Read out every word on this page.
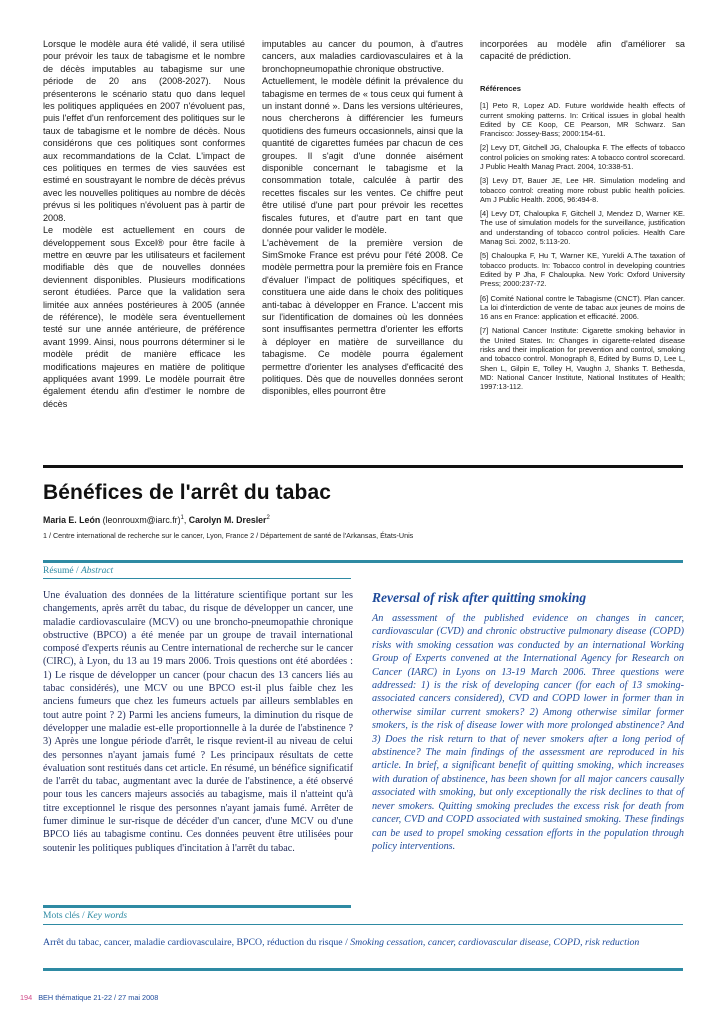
Lorsque le modèle aura été validé, il sera utilisé pour prévoir les taux de tabagisme et le nombre de décès imputables au tabagisme sur une période de 20 ans (2008-2027). Nous présenterons le scénario statu quo dans lequel les politiques appliquées en 2007 n'évoluent pas, puis l'effet d'un renforcement des politiques sur le taux de tabagisme et le nombre de décès. Nous considérons que ces politiques sont conformes aux recommandations de la Cclat. L'impact de ces politiques en termes de vies sauvées est estimé en soustrayant le nombre de décès prévus avec les nouvelles politiques au nombre de décès prévus si les politiques n'évoluent pas à partir de 2008.

Le modèle est actuellement en cours de développement sous Excel® pour être facile à mettre en œuvre par les utilisateurs et facilement modifiable dès que de nouvelles données deviennent disponibles. Plusieurs modifications seront étudiées. Parce que la validation sera limitée aux années postérieures à 2005 (année de référence), le modèle sera éventuellement testé sur une année antérieure, de préférence avant 1999. Ainsi, nous pourrons déterminer si le modèle prédit de manière efficace les modifications majeures en matière de politique appliquées avant 1999. Le modèle pourrait être également étendu afin d'estimer le nombre de décès

imputables au cancer du poumon, à d'autres cancers, aux maladies cardiovasculaires et à la bronchopneumopathie chronique obstructive.

Actuellement, le modèle définit la prévalence du tabagisme en termes de « tous ceux qui fument à un instant donné ». Dans les versions ultérieures, nous chercherons à différencier les fumeurs quotidiens des fumeurs occasionnels, ainsi que la quantité de cigarettes fumées par chacun de ces groupes. Il s'agit d'une donnée aisément disponible concernant le tabagisme et la consommation totale, calculée à partir des recettes fiscales sur les ventes. Ce chiffre peut être utilisé d'une part pour prévoir les recettes fiscales futures, et d'autre part en tant que donnée pour valider le modèle.

L'achèvement de la première version de SimSmoke France est prévu pour l'été 2008. Ce modèle permettra pour la première fois en France d'évaluer l'impact de politiques spécifiques, et constituera une aide dans le choix des politiques anti-tabac à développer en France. L'accent mis sur l'identification de domaines où les données sont insuffisantes permettra d'orienter les efforts à déployer en matière de surveillance du tabagisme. Ce modèle pourra également permettre d'orienter les analyses d'efficacité des politiques. Dès que de nouvelles données seront disponibles, elles pourront être

incorporées au modèle afin d'améliorer sa capacité de prédiction.

Références
[1] Peto R, Lopez AD. Future worldwide health effects of current smoking patterns. In: Critical issues in global health Edited by CE Koop, CE Pearson, MR Schwarz. San Francisco: Jossey-Bass; 2000:154-61.
[2] Levy DT, Gitchell JG, Chaloupka F. The effects of tobacco control policies on smoking rates: A tobacco control scorecard. J Public Health Manag Pract. 2004, 10:338-51.
[3] Levy DT, Bauer JE, Lee HR. Simulation modeling and tobacco control: creating more robust public health policies. Am J Public Health. 2006, 96:494-8.
[4] Levy DT, Chaloupka F, Gitchell J, Mendez D, Warner KE. The use of simulation models for the surveillance, justification and understanding of tobacco control policies. Health Care Manag Sci. 2002, 5:113-20.
[5] Chaloupka F, Hu T, Warner KE, Yurekli A.The taxation of tobacco products. In: Tobacco control in developing countries Edited by P Jha, F Chaloupka. New York: Oxford University Press; 2000:237-72.
[6] Comité National contre le Tabagisme (CNCT). Plan cancer. La loi d'interdiction de vente de tabac aux jeunes de moins de 16 ans en France: application et efficacité. 2006.
[7] National Cancer Institute: Cigarette smoking behavior in the United States. In: Changes in cigarette-related disease risks and their implication for prevention and control, smoking and tobacco control. Monograph 8, Edited by Burns D, Lee L, Shen L, Gilpin E, Tolley H, Vaughn J, Shanks T. Bethesda, MD: National Cancer Institute, National Institutes of Health; 1997:13-112.
Bénéfices de l'arrêt du tabac
Maria E. León (leonrouxm@iarc.fr)$^1$, Carolyn M. Dresler$^2$
1 / Centre international de recherche sur le cancer, Lyon, France 2 / Département de santé de l'Arkansas, États-Unis
Résumé / Abstract

Une évaluation des données de la littérature scientifique portant sur les changements, après arrêt du tabac, du risque de développer un cancer, une maladie cardiovasculaire (MCV) ou une broncho-pneumopathie chronique obstructive (BPCO) a été menée par un groupe de travail international composé d'experts réunis au Centre international de recherche sur le cancer (CIRC), à Lyon, du 13 au 19 mars 2006. Trois questions ont été abordées : 1) Le risque de développer un cancer (pour chacun des 13 cancers liés au tabac considérés), une MCV ou une BPCO est-il plus faible chez les anciens fumeurs que chez les fumeurs actuels par ailleurs semblables en tout autre point ? 2) Parmi les anciens fumeurs, la diminution du risque de développer une maladie est-elle proportionnelle à la durée de l'abstinence ? 3) Après une longue période d'arrêt, le risque revient-il au niveau de celui des personnes n'ayant jamais fumé ? Les principaux résultats de cette évaluation sont restitués dans cet article. En résumé, un bénéfice significatif de l'arrêt du tabac, augmentant avec la durée de l'abstinence, a été observé pour tous les cancers majeurs associés au tabagisme, mais il n'atteint qu'à titre exceptionnel le risque des personnes n'ayant jamais fumé. Arrêter de fumer diminue le sur-risque de décéder d'un cancer, d'une MCV ou d'une BPCO liés au tabagisme continu. Ces données peuvent être utilisées pour soutenir les politiques publiques d'incitation à l'arrêt du tabac.

Reversal of risk after quitting smoking

An assessment of the published evidence on changes in cancer, cardiovascular (CVD) and chronic obstructive pulmonary disease (COPD) risks with smoking cessation was conducted by an international Working Group of Experts convened at the International Agency for Research on Cancer (IARC) in Lyons on 13-19 March 2006. Three questions were addressed: 1) is the risk of developing cancer (for each of 13 smoking-associated cancers considered), CVD and COPD lower in former than in otherwise similar current smokers? 2) Among otherwise similar former smokers, is the risk of disease lower with more prolonged abstinence? And 3) Does the risk return to that of never smokers after a long period of abstinence? The main findings of the assessment are reproduced in his article. In brief, a significant benefit of quitting smoking, which increases with duration of abstinence, has been shown for all major cancers causally associated with smoking, but only exceptionally the risk declines to that of never smokers. Quitting smoking precludes the excess risk for death from cancer, CVD and COPD associated with sustained smoking. These findings can be used to propel smoking cessation efforts in the population through policy interventions.

Mots clés / Key words
Arrêt du tabac, cancer, maladie cardiovasculaire, BPCO, réduction du risque / Smoking cessation, cancer, cardiovascular disease, COPD, risk reduction
194 BEH thématique 21-22 / 27 mai 2008
